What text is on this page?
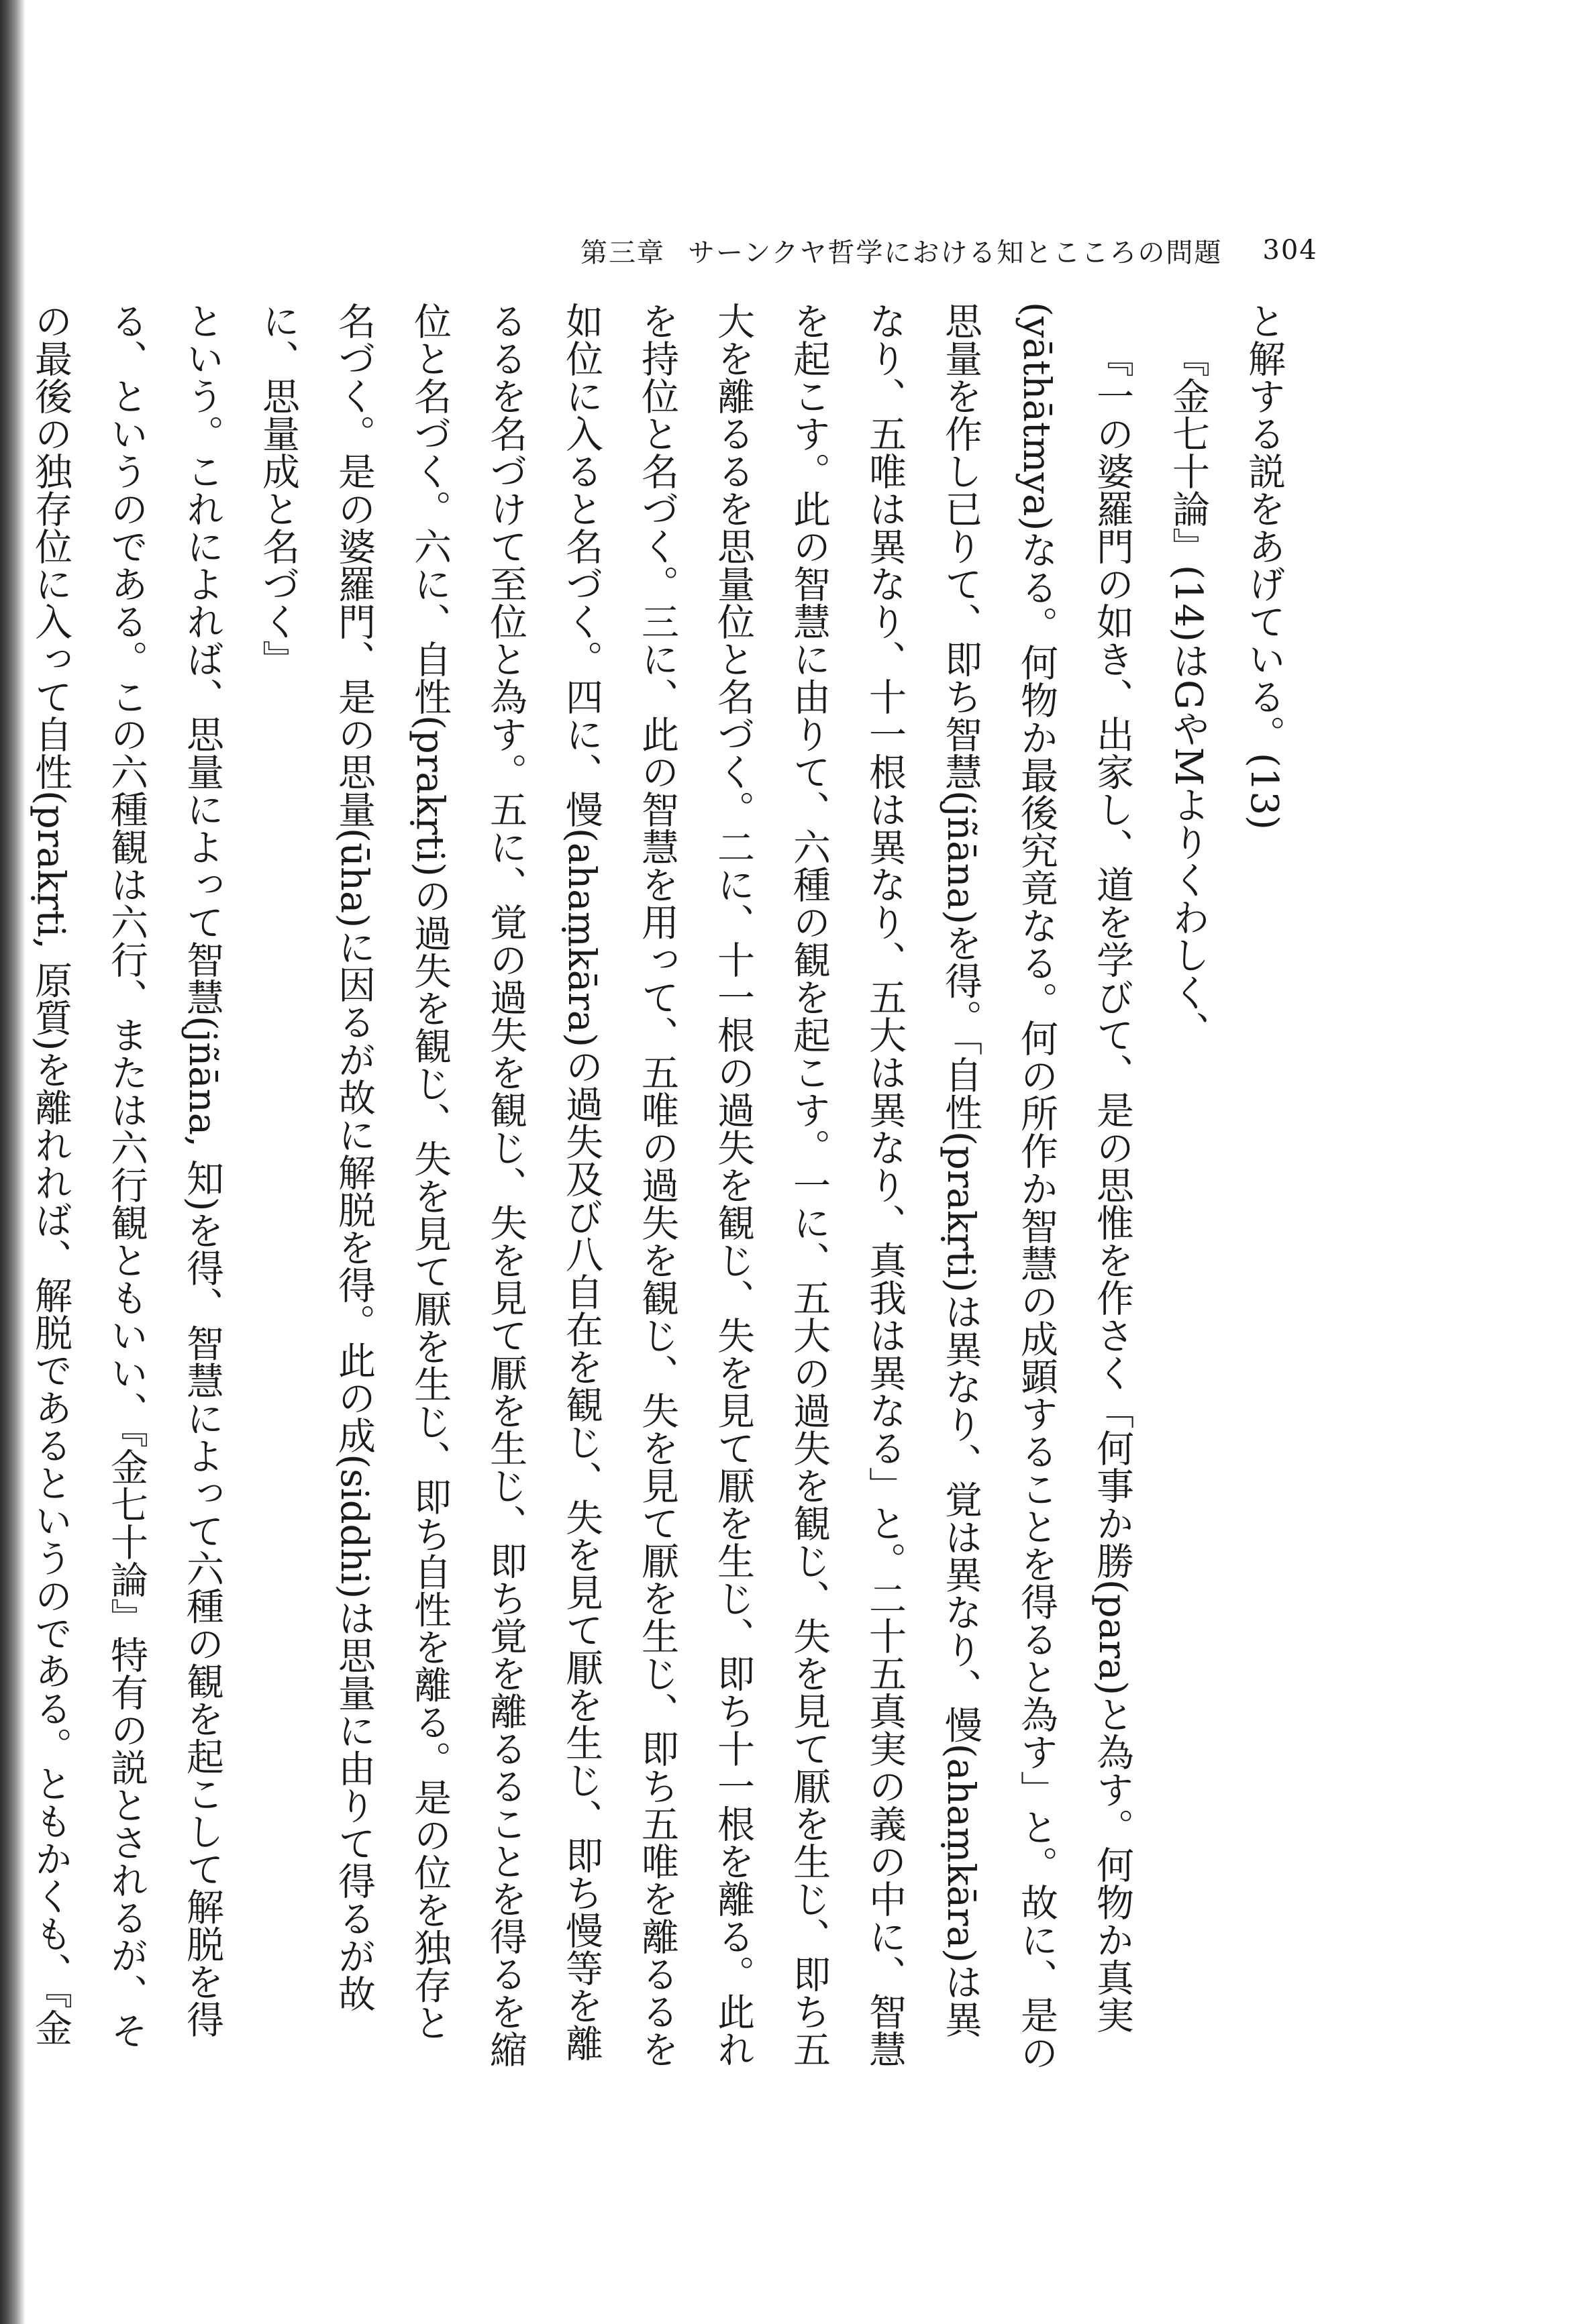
第三章 サーンクヤ哲学における知とこころの問題 304

と解する説をあげている。(13)

『金七十論』(14)はGやMよりくわしく、

『一の婆羅門の如き、出家し、道を学びて、是の思惟を作さく「何事か勝(para)と為す。何物か真実(yāthātmya)なる。何物か最後究竟なる。何の所作か智慧の成顕することを得ると為す」と。故に、是の思量を作し已りて、即ち智慧(jñāna)を得。「自性(prakṛti)は異なり、覚は異なり、慢(ahaṃkāra)は異なり、五唯は異なり、十一根は異なり、五大は異なり、真我は異なる」と。二十五真実の義の中に、智慧を起こす。此の智慧に由りて、六種の観を起こす。一に、五大の過失を観じ、失を見て厭を生じ、即ち五大を離るるを思量位と名づく。二に、十一根の過失を観じ、失を見て厭を生じ、即ち十一根を離る。此れを持位と名づく。三に、此の智慧を用って、五唯の過失を観じ、失を見て厭を生じ、即ち五唯を離るるを如位に入ると名づく。四に、慢(ahaṃkāra)の過失及び八自在を観じ、失を見て厭を生じ、即ち慢等を離るるを名づけて至位と為す。五に、覚の過失を観じ、失を見て厭を生じ、即ち覚を離るることを得るを縮位と名づく。六に、自性(prakṛti)の過失を観じ、失を見て厭を生じ、即ち自性を離る。是の位を独存と名づく。是の婆羅門、是の思量(ūha)に因るが故に解脱を得。此の成(siddhi)は思量に由りて得るが故に、思量成と名づく』

という。これによれば、思量によって智慧(jñāna, 知)を得、智慧によって六種の観を起こして解脱を得る、というのである。この六種観は六行、または六行観ともいい、『金七十論』特有の説とされるが、その最後の独存位に入って自性(prakṛti, 原質)を離れれば、解脱であるというのである。ともかくも、『金
